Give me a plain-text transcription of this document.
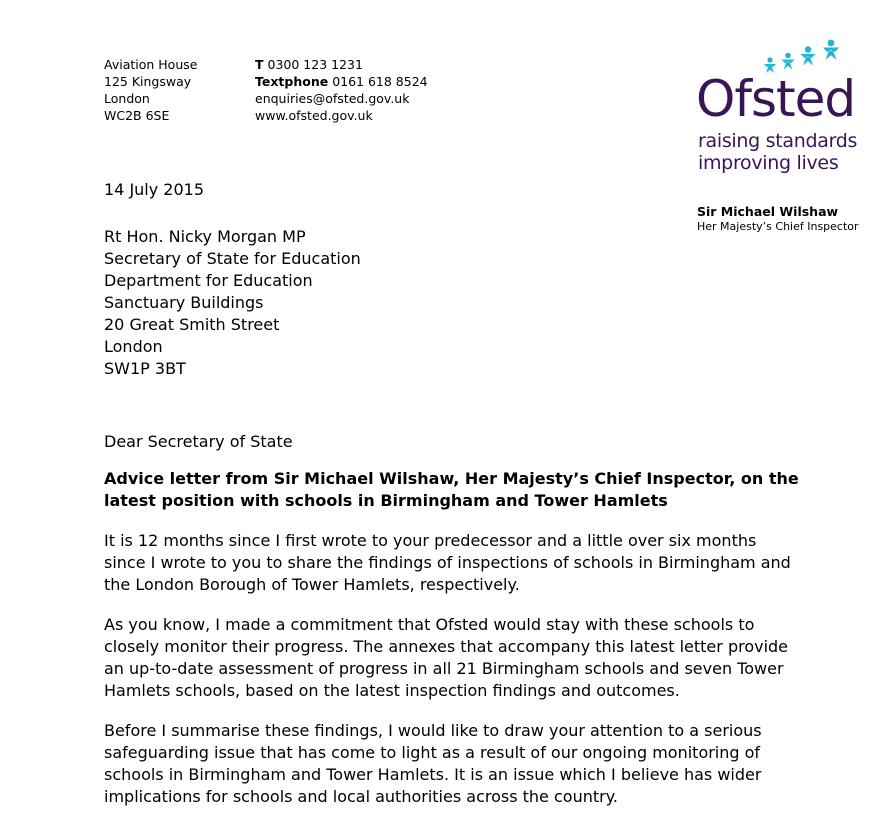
Aviation House
125 Kingsway
London
WC2B 6SE
T 0300 123 1231
Textphone 0161 618 8524
enquiries@ofsted.gov.uk
www.ofsted.gov.uk	Ofsted
raising standards
improving lives
Sir Michael Wilshaw
Her Majesty’s Chief Inspector
14 July 2015
Rt Hon. Nicky Morgan MP
Secretary of State for Education
Department for Education
Sanctuary Buildings
20 Great Smith Street
London
SW1P 3BT
Dear Secretary of State
Advice letter from Sir Michael Wilshaw, Her Majesty’s Chief Inspector, on the latest position with schools in Birmingham and Tower Hamlets
It is 12 months since I first wrote to your predecessor and a little over six months since I wrote to you to share the findings of inspections of schools in Birmingham and the London Borough of Tower Hamlets, respectively.
As you know, I made a commitment that Ofsted would stay with these schools to closely monitor their progress. The annexes that accompany this latest letter provide an up-to-date assessment of progress in all 21 Birmingham schools and seven Tower Hamlets schools, based on the latest inspection findings and outcomes.
Before I summarise these findings, I would like to draw your attention to a serious safeguarding issue that has come to light as a result of our ongoing monitoring of schools in Birmingham and Tower Hamlets. It is an issue which I believe has wider implications for schools and local authorities across the country.
